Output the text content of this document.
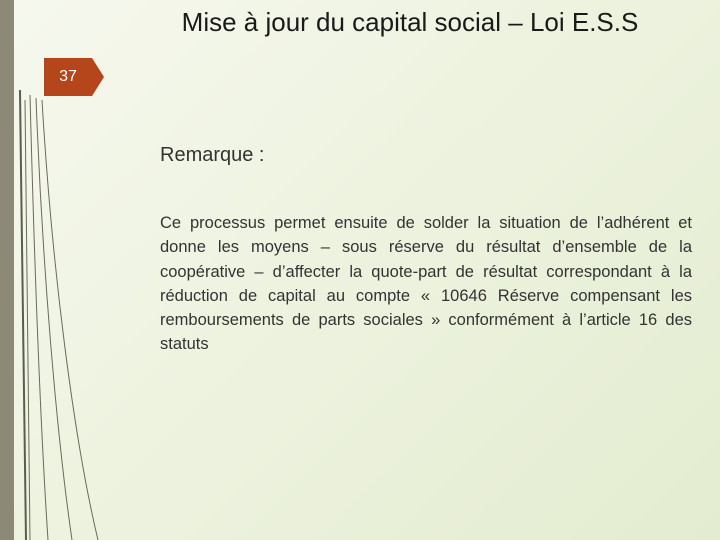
Mise à jour du capital social – Loi E.S.S
37
Remarque :

Ce processus permet ensuite de solder la situation de l’adhérent et donne les moyens – sous réserve du résultat d’ensemble de la coopérative – d’affecter la quote-part de résultat correspondant à la réduction de capital au compte « 10646 Réserve compensant les remboursements de parts sociales » conformément à l’article 16 des statuts
